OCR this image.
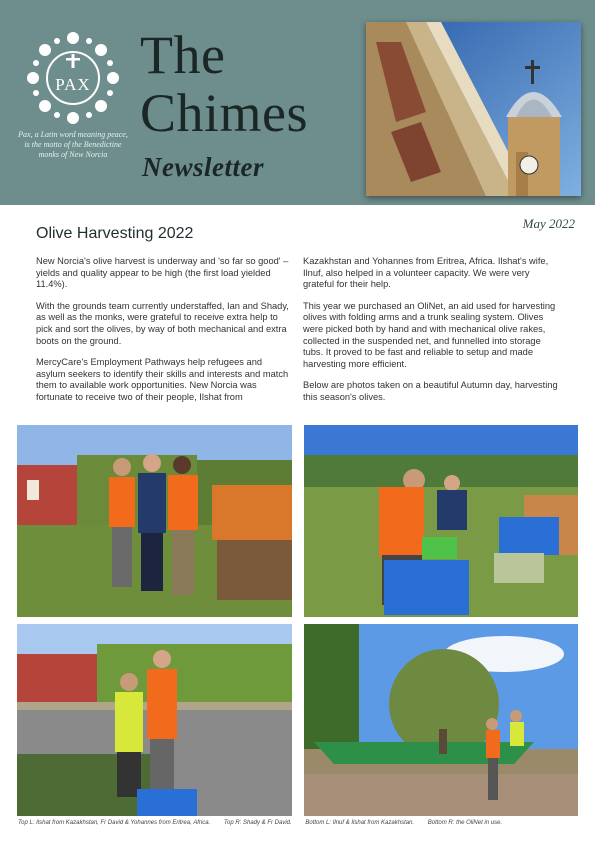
PAX
Pax, a Latin word meaning peace, is the motto of the Benedictine monks of New Norcia
The
Chimes
Newsletter
May 2022
Olive Harvesting 2022

New Norcia's olive harvest is underway and 'so far so good' – yields and quality appear to be high (the first load yielded 11.4%).

With the grounds team currently understaffed, Ian and Shady, as well as the monks, were grateful to receive extra help to pick and sort the olives, by way of both mechanical and extra boots on the ground.

MercyCare's Employment Pathways help refugees and asylum seekers to identify their skills and interests and match them to available work opportunities. New Norcia was fortunate to receive two of their people, Ilshat from

Kazakhstan and Yohannes from Eritrea, Africa. Ilshat's wife, Ilnuf, also helped in a volunteer capacity. We were very grateful for their help.

This year we purchased an OliNet, an aid used for harvesting olives with folding arms and a trunk sealing system. Olives were picked both by hand and with mechanical olive rakes, collected in the suspended net, and funnelled into storage tubs. It proved to be fast and reliable to setup and made harvesting more efficient.

Below are photos taken on a beautiful Autumn day, harvesting this season's olives.

Top L: Ilshat from Kazakhstan, Fr David & Yohannes from Eritrea, Africa. Top R: Shady & Fr David. Bottom L: Ilnuf & Ilshat from Kazakhstan. Bottom R: the OliNet in use.
